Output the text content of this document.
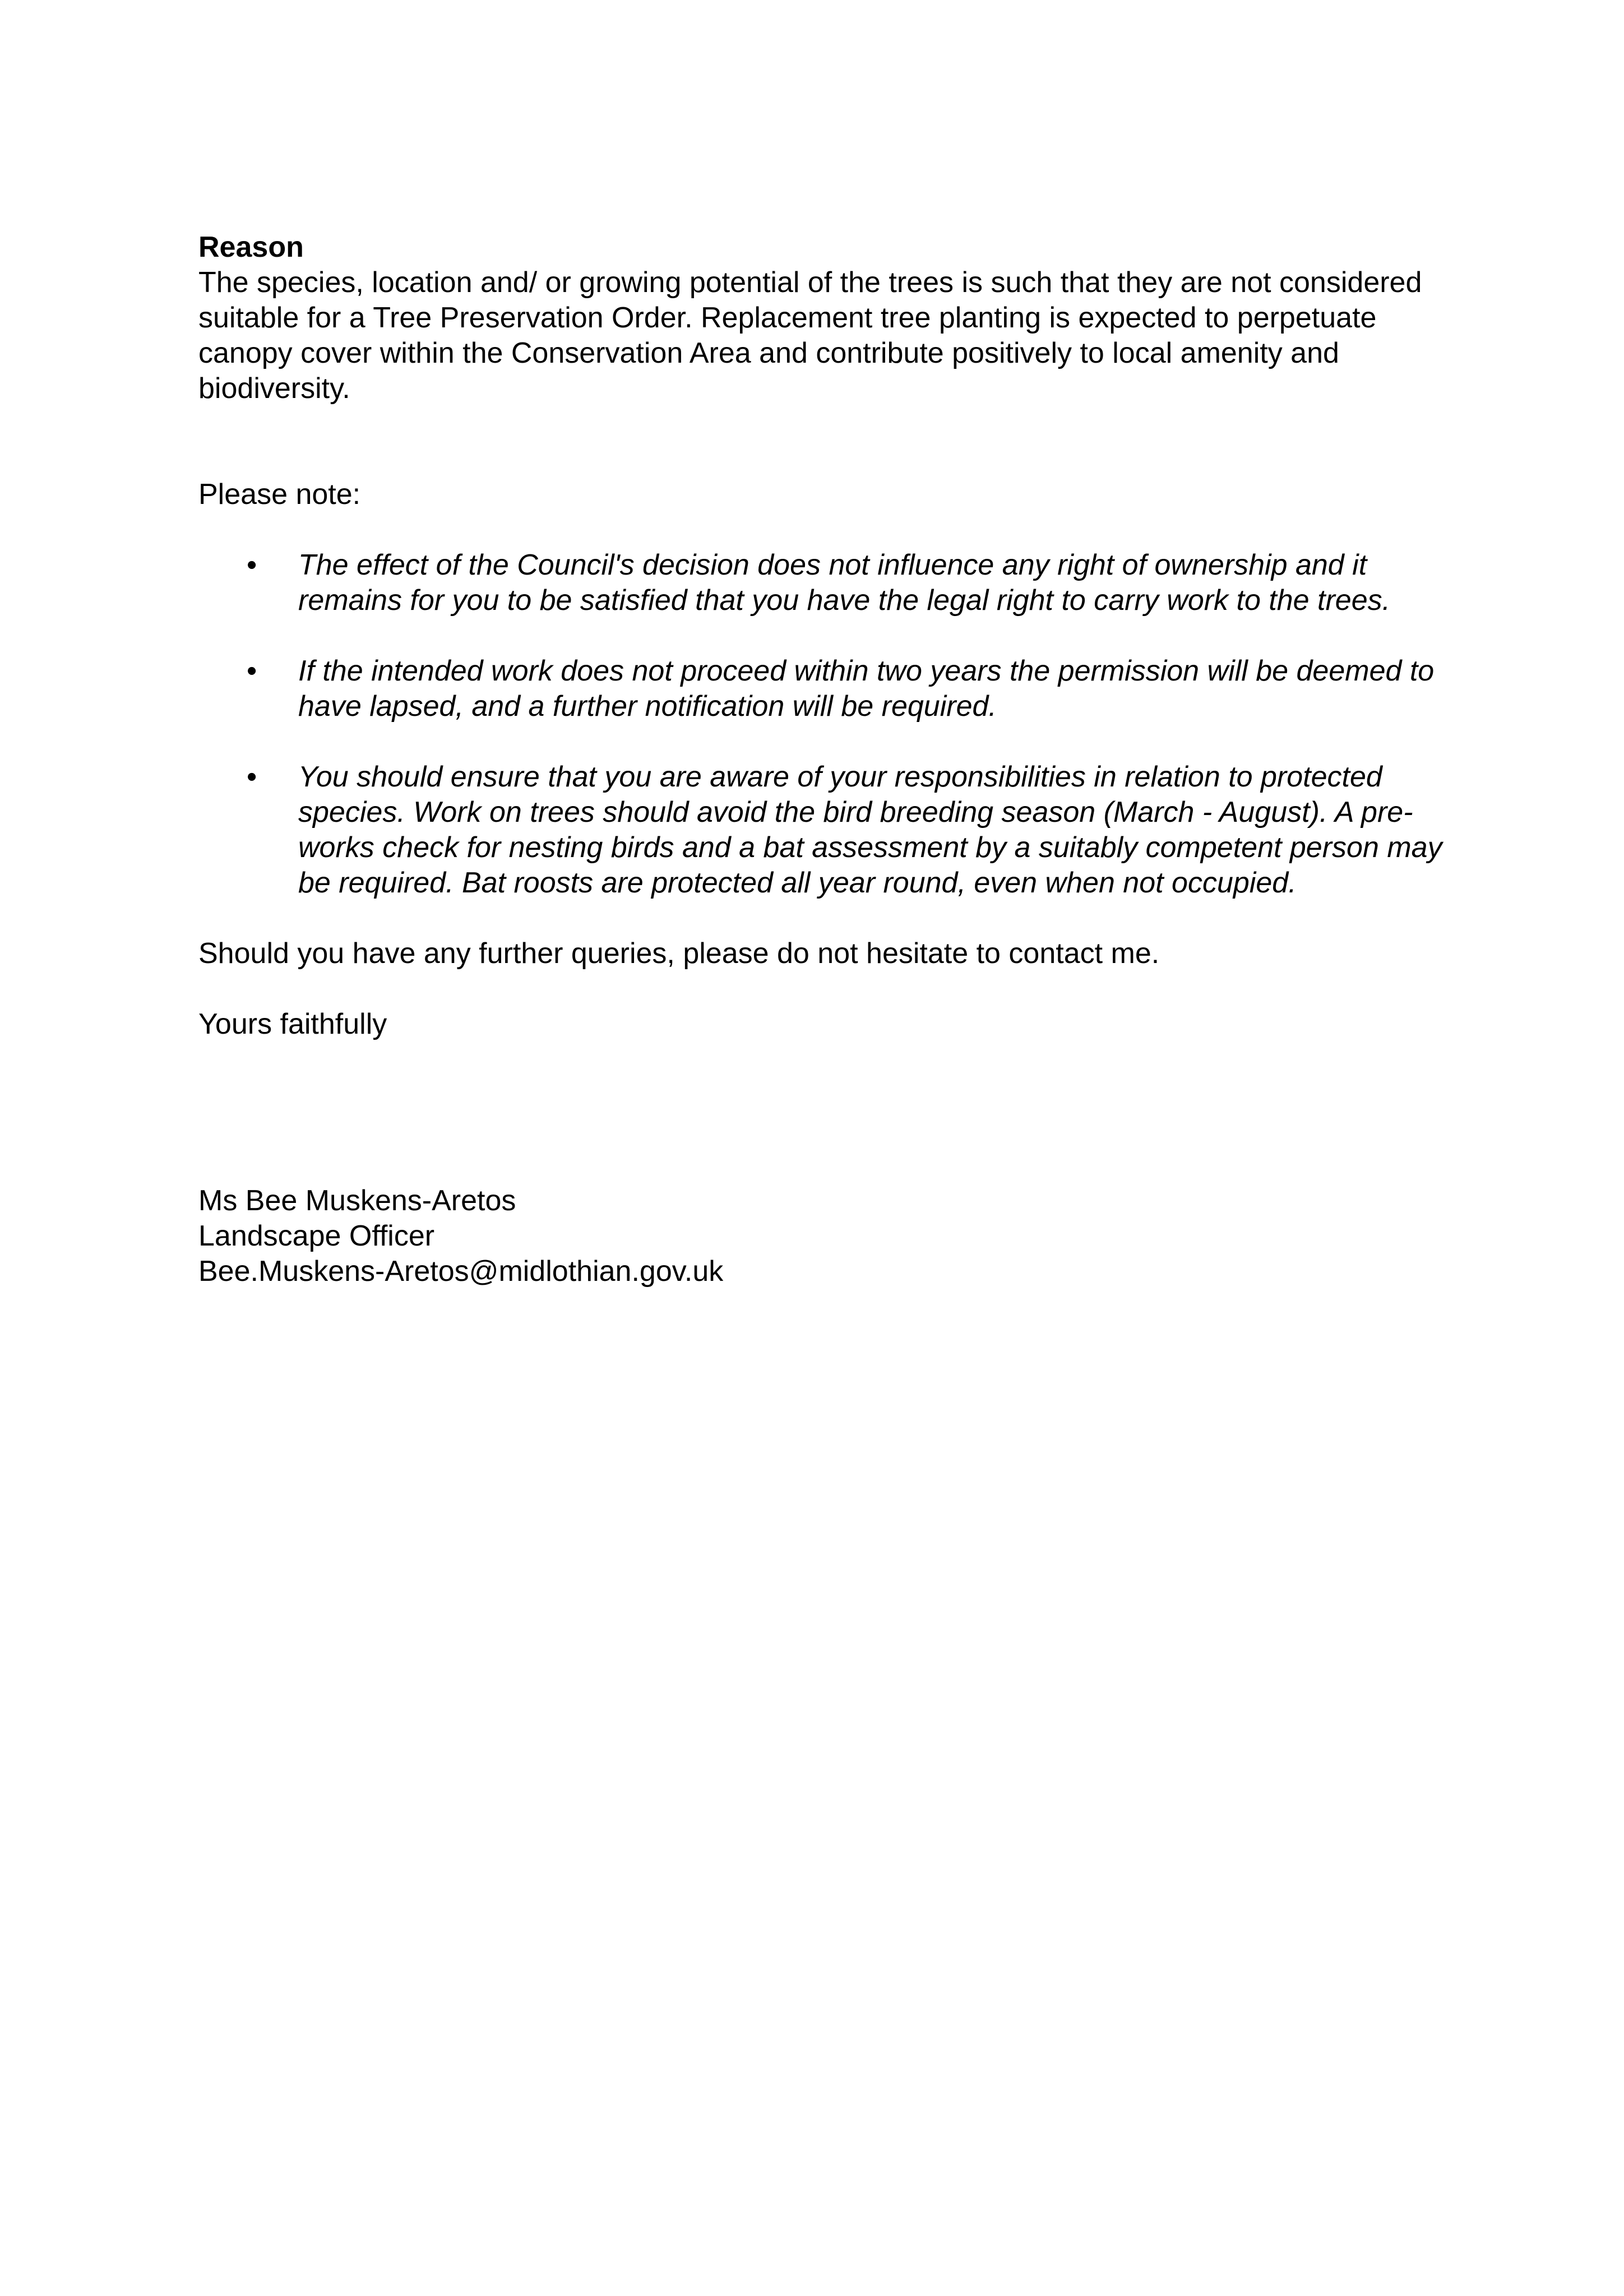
Reason

The species, location and/ or growing potential of the trees is such that they are not considered suitable for a Tree Preservation Order. Replacement tree planting is expected to perpetuate canopy cover within the Conservation Area and contribute positively to local amenity and biodiversity.

Please note:

• The effect of the Council's decision does not influence any right of ownership and it remains for you to be satisfied that you have the legal right to carry work to the trees.
• If the intended work does not proceed within two years the permission will be deemed to have lapsed, and a further notification will be required.
• You should ensure that you are aware of your responsibilities in relation to protected species. Work on trees should avoid the bird breeding season (March - August). A pre-works check for nesting birds and a bat assessment by a suitably competent person may be required. Bat roosts are protected all year round, even when not occupied.

Should you have any further queries, please do not hesitate to contact me.

Yours faithfully

Ms Bee Muskens-Aretos
Landscape Officer
Bee.Muskens-Aretos@midlothian.gov.uk
